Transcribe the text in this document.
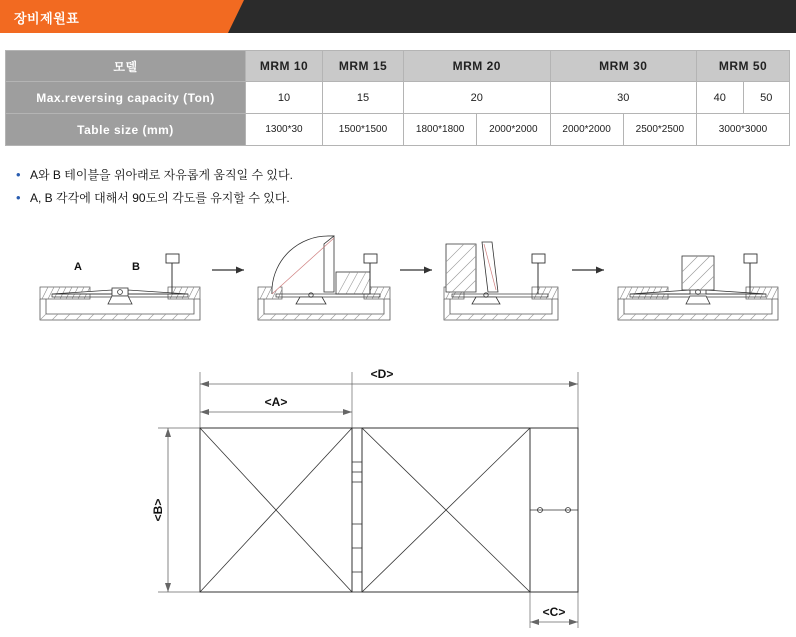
장비제원표
모델	MRM 10	MRM 15	MRM 20		MRM 30		MRM 50	
Max.reversing capacity (Ton)	10	15	20		30		40	50
Table size (mm)	1300*30	1500*1500	1800*1800	2000*2000	2000*2000	2500*2500	3000*3000	
• A와 B 테이블을 위아래로 자유롭게 움직일 수 있다.
• A, B 각각에 대해서 90도의 각도를 유지할 수 있다.
A	B
<D>
<A>
<B>
<C>
